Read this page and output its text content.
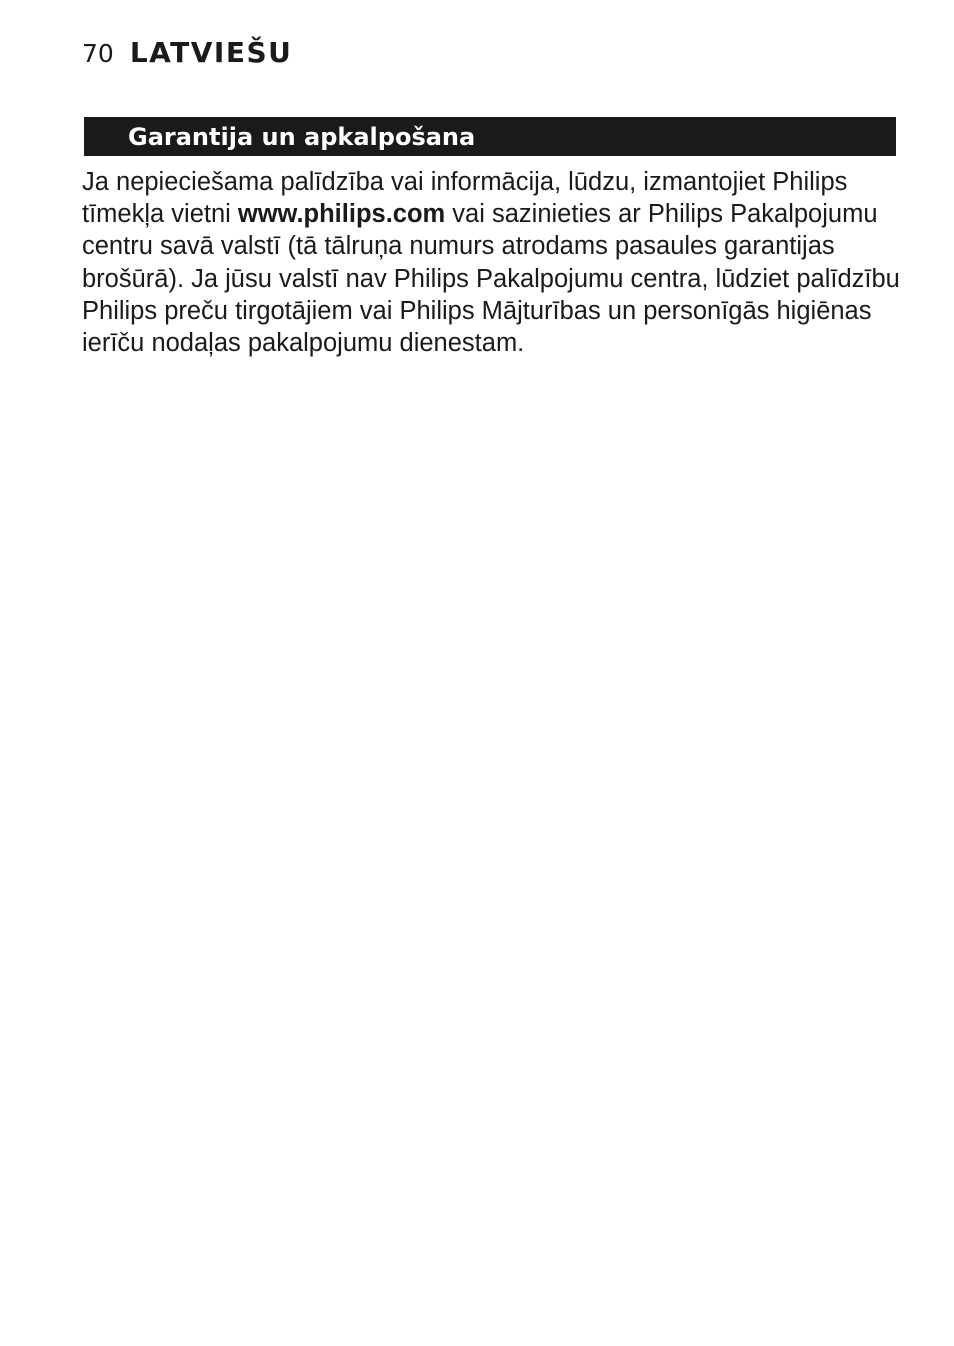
70 LATVIEŠU
Garantija un apkalpošana

Ja nepieciešama palīdzība vai informācija, lūdzu, izmantojiet Philips
tīmekļa vietni www.philips.com vai sazinieties ar Philips Pakalpojumu
centru savā valstī (tā tālruņa numurs atrodams pasaules garantijas
brošūrā). Ja jūsu valstī nav Philips Pakalpojumu centra, lūdziet palīdzību
Philips preču tirgotājiem vai Philips Mājturības un personīgās higiēnas
ierīču nodaļas pakalpojumu dienestam.
